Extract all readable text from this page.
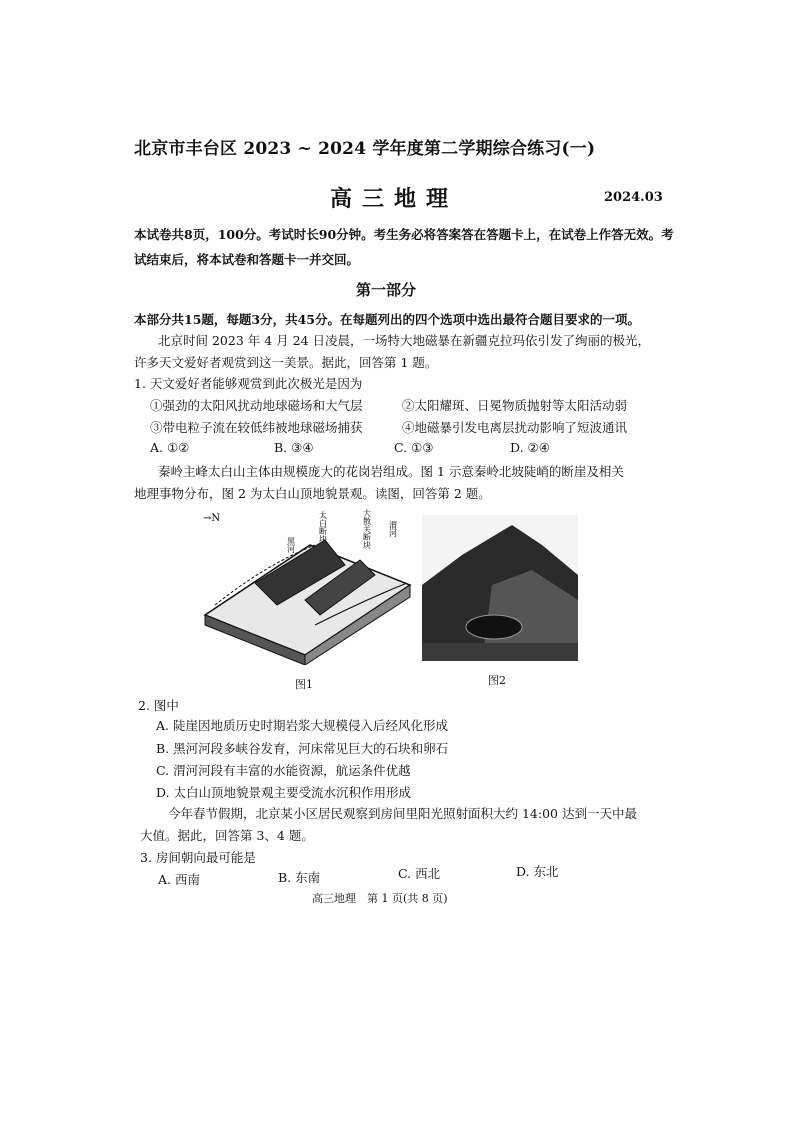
北京市丰台区 2023 ~ 2024 学年度第二学期综合练习(一)
高三地理	2024.03
本试卷共8页，100分。考试时长90分钟。考生务必将答案答在答题卡上，在试卷上作答无效。考试结束后，将本试卷和答题卡一并交回。
第一部分
本部分共15题，每题3分，共45分。在每题列出的四个选项中选出最符合题目要求的一项。
北京时间 2023 年 4 月 24 日凌晨，一场特大地磁暴在新疆克拉玛依引发了绚丽的极光，
许多天文爱好者观赏到这一美景。据此，回答第 1 题。
1. 天文爱好者能够观赏到此次极光是因为
①强劲的太阳风扰动地球磁场和大气层	②太阳耀斑、日冕物质抛射等太阳活动弱
③带电粒子流在较低纬被地球磁场捕获	④地磁暴引发电离层扰动影响了短波通讯
A. ①②	B. ③④	C. ①③	D. ②④
秦岭主峰太白山主体由规模庞大的花岗岩组成。图 1 示意秦岭北坡陡峭的断崖及相关
地理事物分布，图 2 为太白山顶地貌景观。读图，回答第 2 题。
→N
黑河
太白断块	大散关断块 渭河
图1	图2
2. 图中
A. 陡崖因地质历史时期岩浆大规模侵入后经风化形成
B. 黑河河段多峡谷发育，河床常见巨大的石块和卵石
C. 渭河河段有丰富的水能资源，航运条件优越
D. 太白山顶地貌景观主要受流水沉积作用形成
今年春节假期，北京某小区居民观察到房间里阳光照射面积大约 14:00 达到一天中最
大值。据此，回答第 3、4 题。
3. 房间朝向最可能是
A. 西南	B. 东南	C. 西北	D. 东北
高三地理　第 1 页(共 8 页)
